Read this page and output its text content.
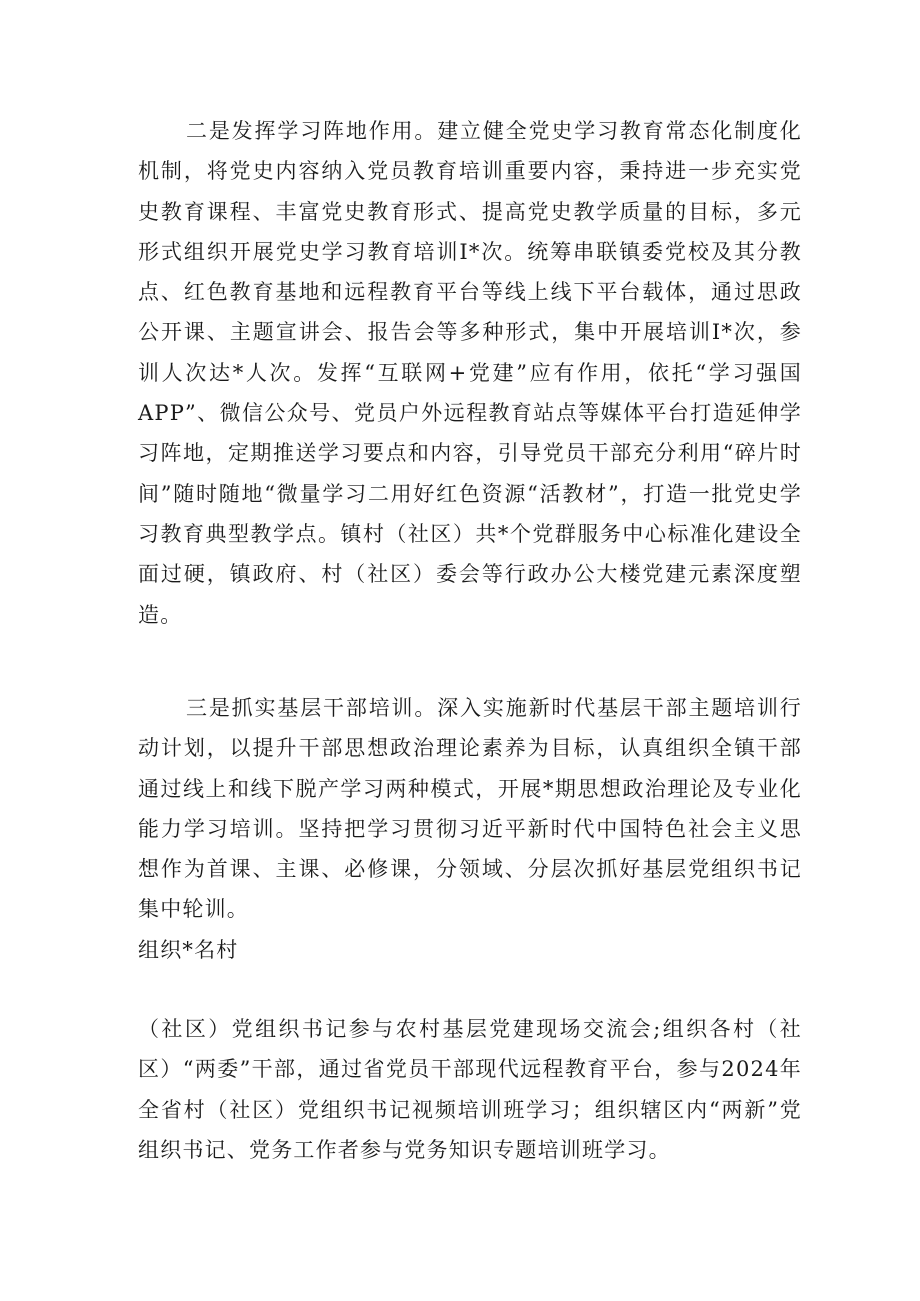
二是发挥学习阵地作用。建立健全党史学习教育常态化制度化机制，将党史内容纳入党员教育培训重要内容，秉持进一步充实党史教育课程、丰富党史教育形式、提高党史教学质量的目标，多元形式组织开展党史学习教育培训I*次。统筹串联镇委党校及其分教点、红色教育基地和远程教育平台等线上线下平台载体，通过思政公开课、主题宣讲会、报告会等多种形式，集中开展培训I*次，参训人次达*人次。发挥“互联网+党建”应有作用，依托“学习强国APP”、微信公众号、党员户外远程教育站点等媒体平台打造延伸学习阵地，定期推送学习要点和内容，引导党员干部充分利用“碎片时间”随时随地“微量学习二用好红色资源“活教材”，打造一批党史学习教育典型教学点。镇村（社区）共*个党群服务中心标准化建设全面过硬，镇政府、村（社区）委会等行政办公大楼党建元素深度塑造。

三是抓实基层干部培训。深入实施新时代基层干部主题培训行动计划，以提升干部思想政治理论素养为目标，认真组织全镇干部通过线上和线下脱产学习两种模式，开展*期思想政治理论及专业化能力学习培训。坚持把学习贯彻习近平新时代中国特色社会主义思想作为首课、主课、必修课，分领域、分层次抓好基层党组织书记集中轮训。

组织*名村

（社区）党组织书记参与农村基层党建现场交流会;组织各村（社区）“两委”干部，通过省党员干部现代远程教育平台，参与2024年全省村（社区）党组织书记视频培训班学习；组织辖区内“两新”党组织书记、党务工作者参与党务知识专题培训班学习。
